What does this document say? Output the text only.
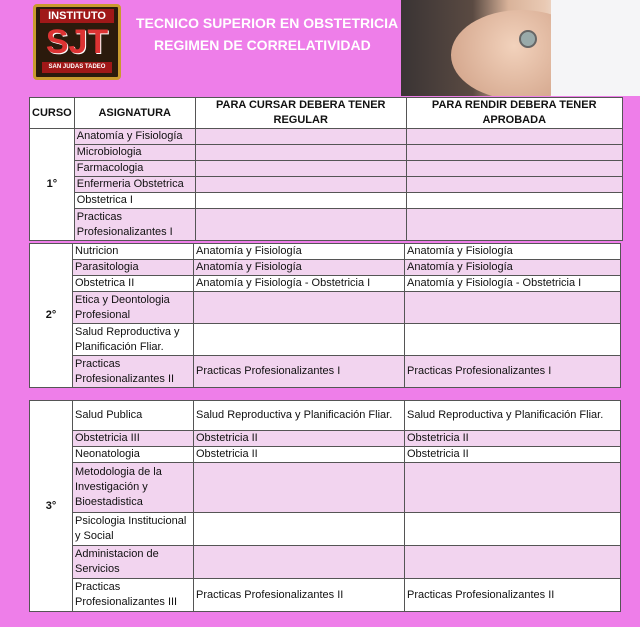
INSTITUTO
SJT
SAN JUDAS TADEO
TECNICO SUPERIOR EN OBSTETRICIA
REGIMEN DE CORRELATIVIDAD
CURSO	ASIGNATURA	PARA CURSAR DEBERA TENER REGULAR	PARA RENDIR DEBERA TENER APROBADA
1°	Anatomía y Fisiología		
	Microbiologia		
	Farmacologia		
	Enfermeria Obstetrica		
	Obstetrica I		
	Practicas Profesionalizantes I		
2°	Nutricion	Anatomía y Fisiología	Anatomía y Fisiología
	Parasitologia	Anatomía y Fisiología	Anatomía y Fisiología
	Obstetrica II	Anatomía y Fisiología - Obstetricia I	Anatomía y Fisiología - Obstetricia I
	Etica y Deontologia Profesional		
	Salud Reproductiva y Planificación Fliar.		
	Practicas Profesionalizantes II	Practicas Profesionalizantes I	Practicas Profesionalizantes I
3°	Salud Publica	Salud Reproductiva y Planificación Fliar.	Salud Reproductiva y Planificación Fliar.
	Obstetricia III	Obstetricia II	Obstetricia II
	Neonatologia	Obstetricia II	Obstetricia II
	Metodologia de la Investigación y Bioestadistica		
	Psicologia Institucional y Social		
	Administacion de Servicios		
	Practicas Profesionalizantes III	Practicas Profesionalizantes II	Practicas Profesionalizantes II
